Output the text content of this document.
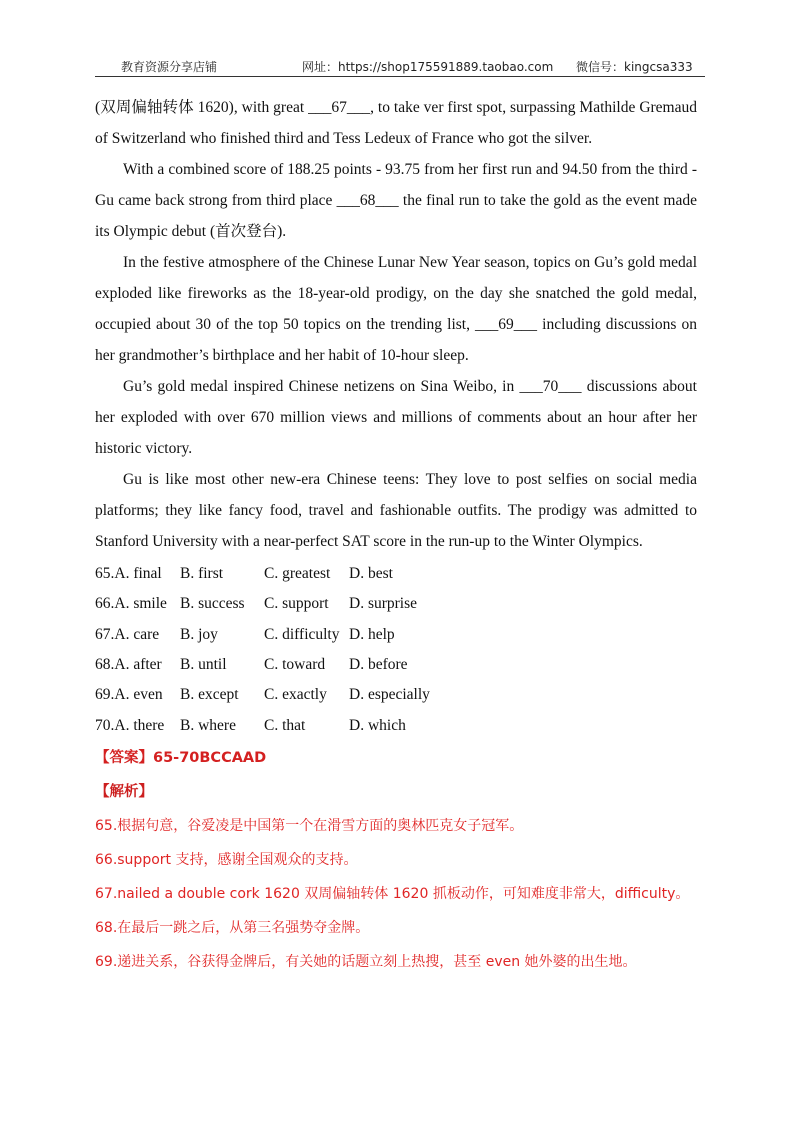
教育资源分享店铺	网址：https://shop175591889.taobao.com 微信号：kingcsa333

(双周偏轴转体 1620), with great ___67___, to take ver first spot, surpassing Mathilde Gremaud of Switzerland who finished third and Tess Ledeux of France who got the silver.

With a combined score of 188.25 points - 93.75 from her first run and 94.50 from the third - Gu came back strong from third place ___68___ the final run to take the gold as the event made its Olympic debut (首次登台).

In the festive atmosphere of the Chinese Lunar New Year season, topics on Gu’s gold medal exploded like fireworks as the 18-year-old prodigy, on the day she snatched the gold medal, occupied about 30 of the top 50 topics on the trending list, ___69___ including discussions on her grandmother’s birthplace and her habit of 10-hour sleep.

Gu’s gold medal inspired Chinese netizens on Sina Weibo, in ___70___ discussions about her exploded with over 670 million views and millions of comments about an hour after her historic victory.

Gu is like most other new-era Chinese teens: They love to post selfies on social media platforms; they like fancy food, travel and fashionable outfits. The prodigy was admitted to Stanford University with a near-perfect SAT score in the run-up to the Winter Olympics.

65.A. final	B. first	C. greatest	D. best
66.A. smile	B. success	C. support	D. surprise
67.A. care	B. joy	C. difficulty	D. help
68.A. after	B. until	C. toward	D. before
69.A. even	B. except	C. exactly	D. especially
70.A. there	B. where	C. that	D. which
【答案】65-70BCCAAD
【解析】

65.根据句意，谷爱凌是中国第一个在滑雪方面的奥林匹克女子冠军。

66.support 支持，感谢全国观众的支持。

67.nailed a double cork 1620 双周偏轴转体 1620 抓板动作，可知难度非常大，difficulty。

68.在最后一跳之后，从第三名强势夺金牌。

69.递进关系，谷获得金牌后，有关她的话题立刻上热搜，甚至 even 她外婆的出生地。
